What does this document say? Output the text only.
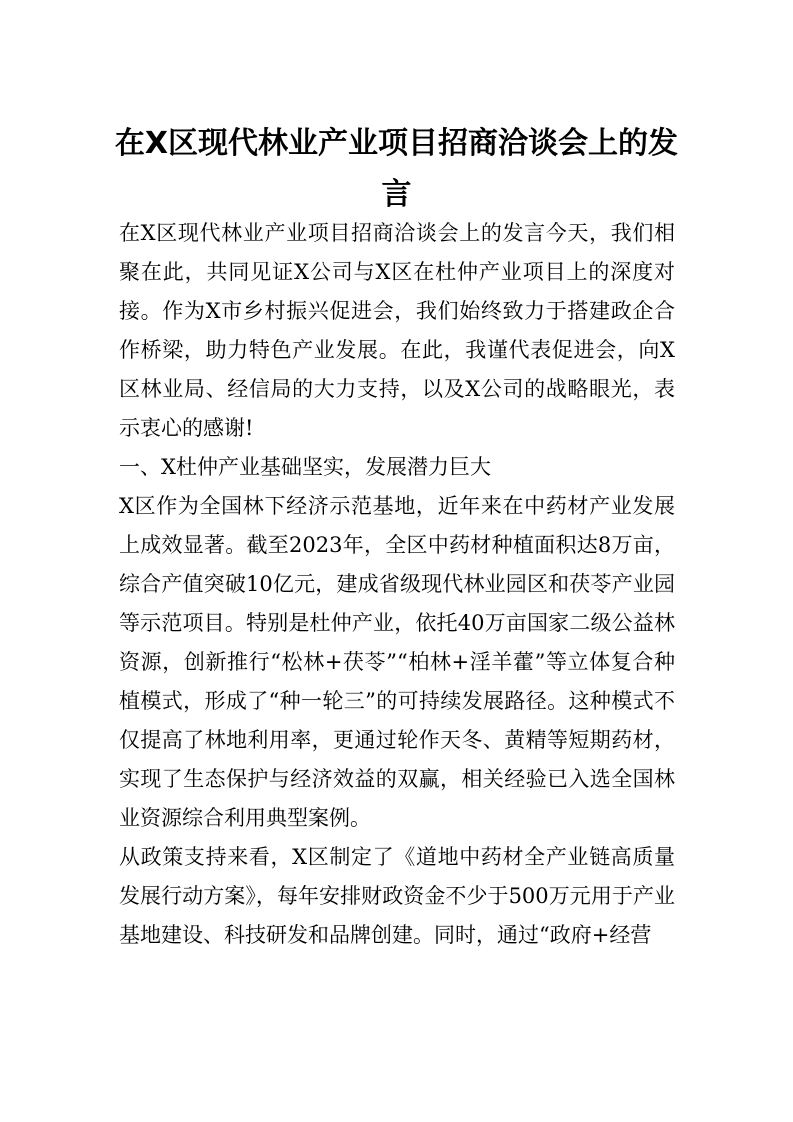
在X区现代林业产业项目招商洽谈会上的发言

在X区现代林业产业项目招商洽谈会上的发言今天，我们相聚在此，共同见证X公司与X区在杜仲产业项目上的深度对接。作为X市乡村振兴促进会，我们始终致力于搭建政企合作桥梁，助力特色产业发展。在此，我谨代表促进会，向X区林业局、经信局的大力支持，以及X公司的战略眼光，表示衷心的感谢!

一、X杜仲产业基础坚实，发展潜力巨大

X区作为全国林下经济示范基地，近年来在中药材产业发展上成效显著。截至2023年，全区中药材种植面积达8万亩，综合产值突破10亿元，建成省级现代林业园区和茯苓产业园等示范项目。特别是杜仲产业，依托40万亩国家二级公益林资源，创新推行“松林+茯苓”“柏林+淫羊藿”等立体复合种植模式，形成了“种一轮三”的可持续发展路径。这种模式不仅提高了林地利用率，更通过轮作天冬、黄精等短期药材，实现了生态保护与经济效益的双赢，相关经验已入选全国林业资源综合利用典型案例。

从政策支持来看，X区制定了《道地中药材全产业链高质量发展行动方案》，每年安排财政资金不少于500万元用于产业基地建设、科技研发和品牌创建。同时，通过“政府+经营
